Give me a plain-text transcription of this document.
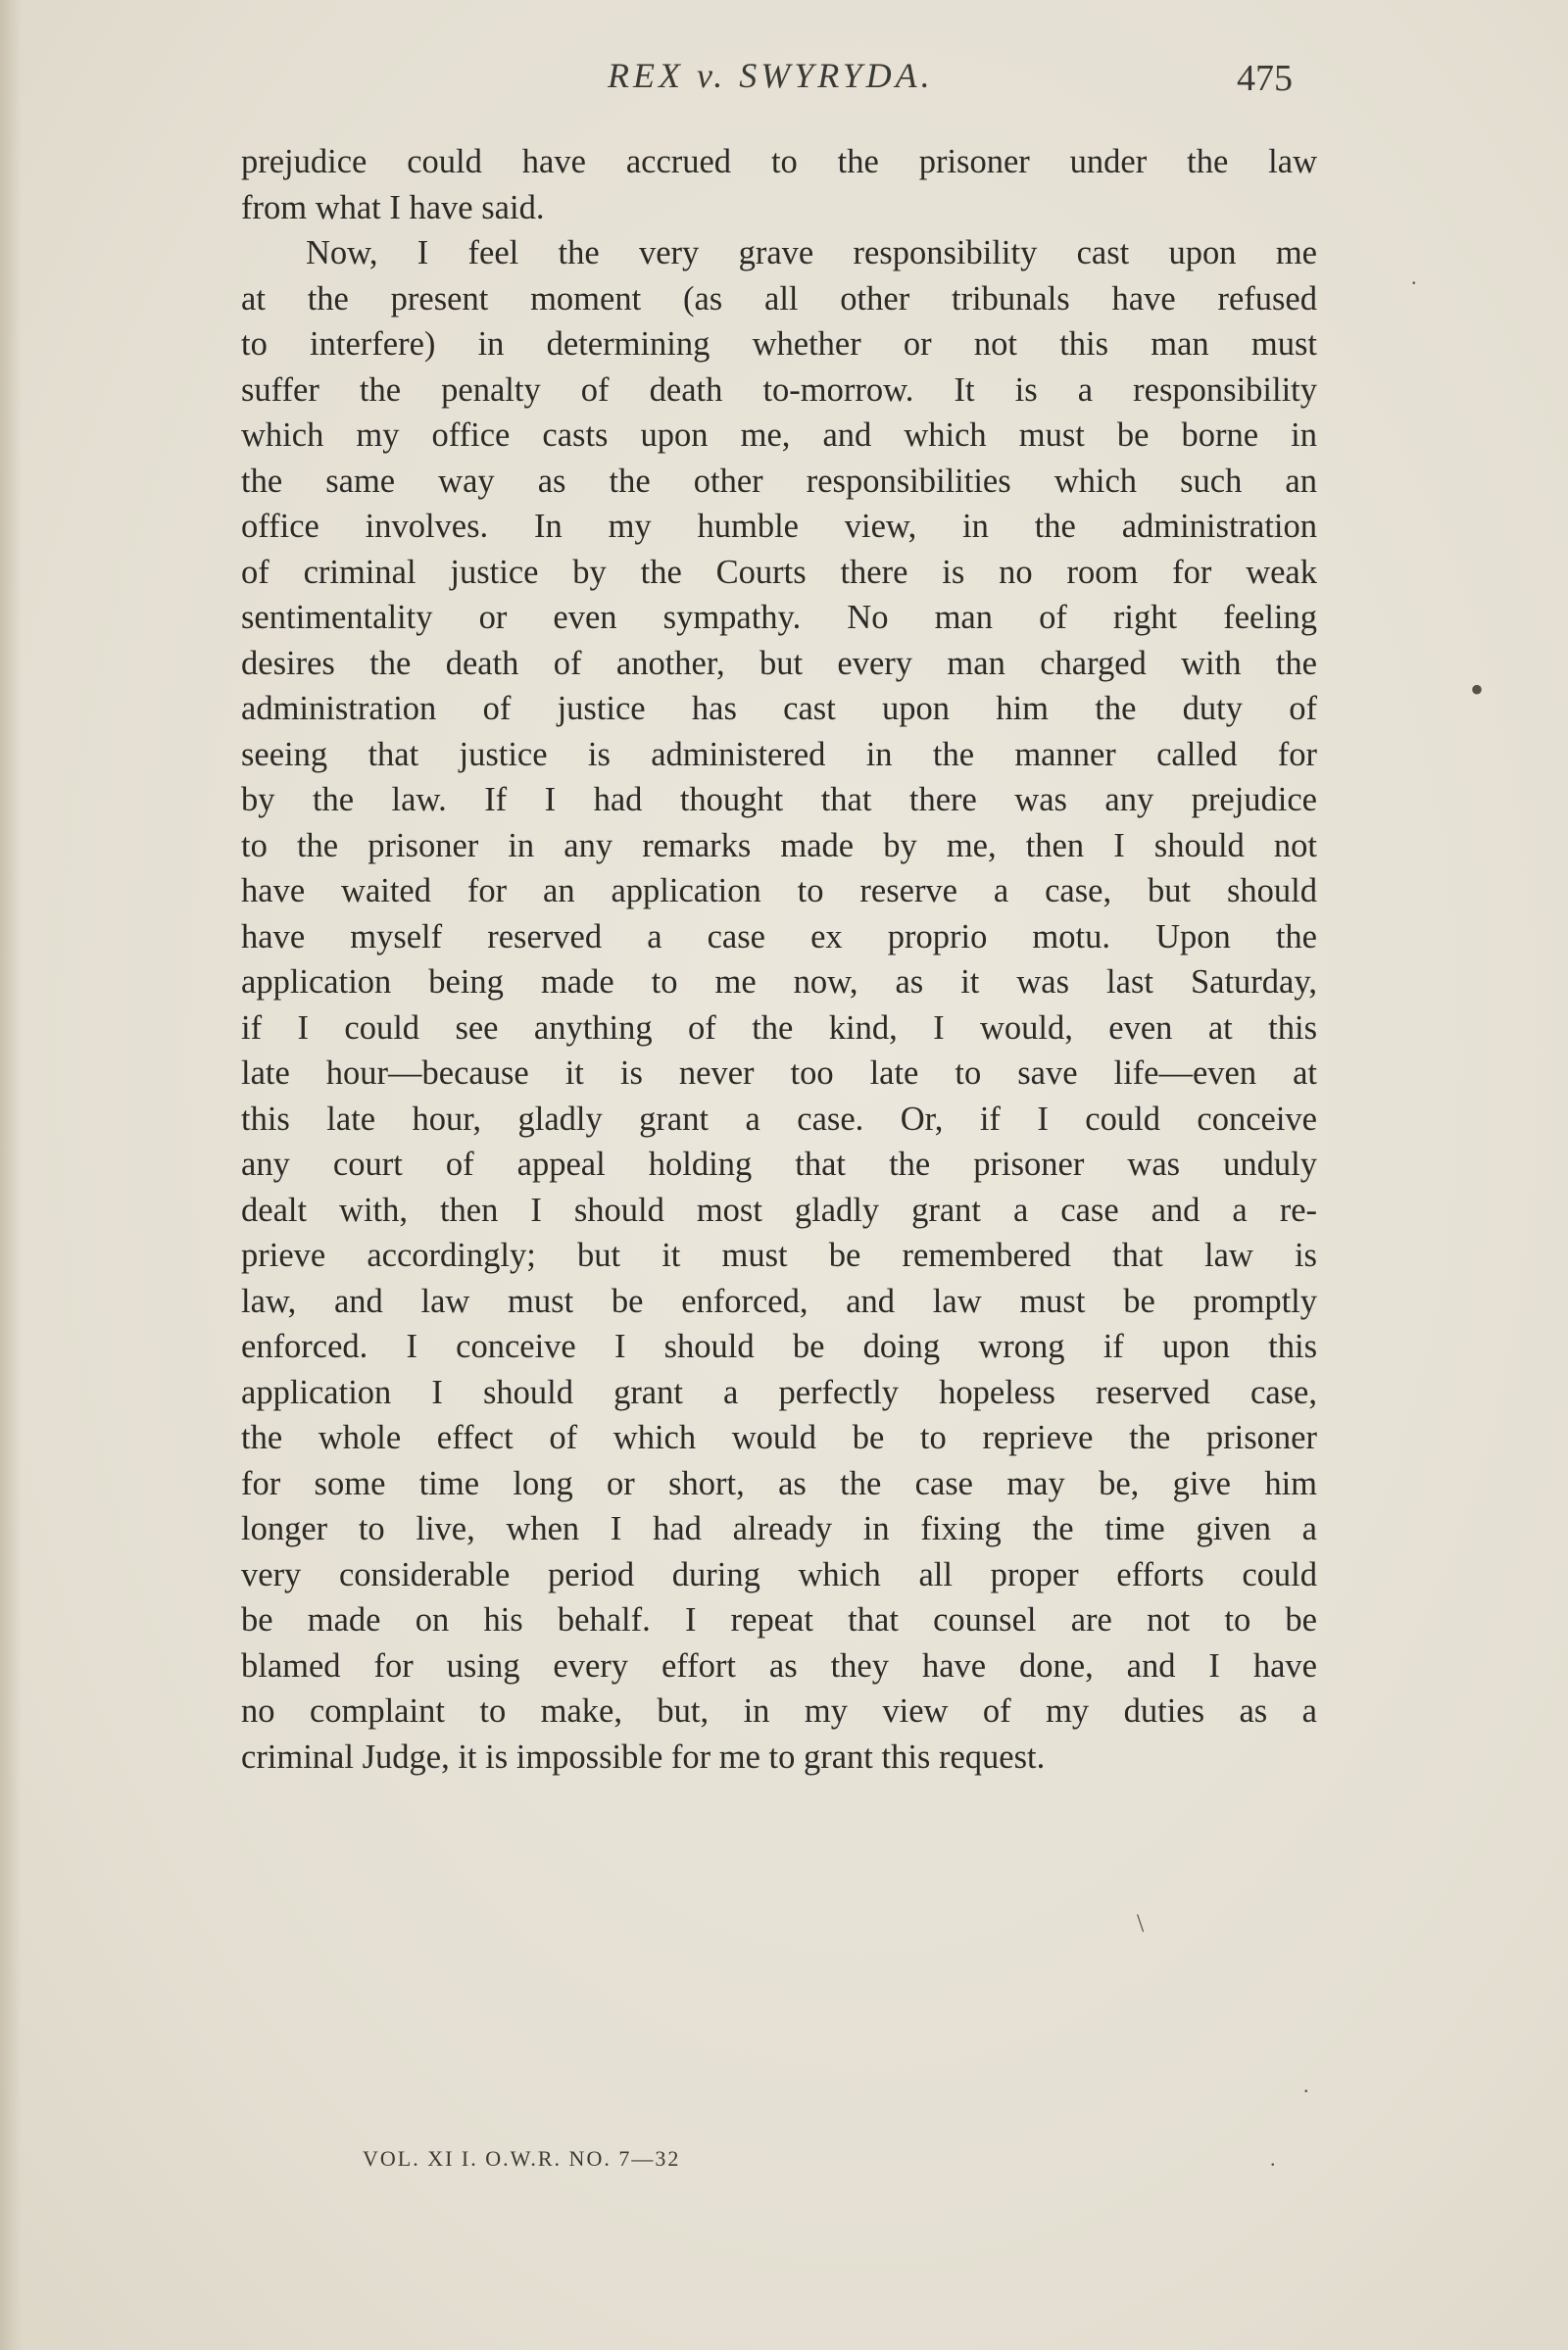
REX v. SWYRYDA.	475
prejudice could have accrued to the prisoner under the law
from what I have said.
Now, I feel the very grave responsibility cast upon me
at the present moment (as all other tribunals have refused
to interfere) in determining whether or not this man must
suffer the penalty of death to-morrow. It is a responsibility
which my office casts upon me, and which must be borne in
the same way as the other responsibilities which such an
office involves. In my humble view, in the administration
of criminal justice by the Courts there is no room for weak
sentimentality or even sympathy. No man of right feeling
desires the death of another, but every man charged with the
administration of justice has cast upon him the duty of
seeing that justice is administered in the manner called for
by the law. If I had thought that there was any prejudice
to the prisoner in any remarks made by me, then I should not
have waited for an application to reserve a case, but should
have myself reserved a case ex proprio motu. Upon the
application being made to me now, as it was last Saturday,
if I could see anything of the kind, I would, even at this
late hour—because it is never too late to save life—even at
this late hour, gladly grant a case. Or, if I could conceive
any court of appeal holding that the prisoner was unduly
dealt with, then I should most gladly grant a case and a re-
prieve accordingly; but it must be remembered that law is
law, and law must be enforced, and law must be promptly
enforced. I conceive I should be doing wrong if upon this
application I should grant a perfectly hopeless reserved case,
the whole effect of which would be to reprieve the prisoner
for some time long or short, as the case may be, give him
longer to live, when I had already in fixing the time given a
very considerable period during which all proper efforts could
be made on his behalf. I repeat that counsel are not to be
blamed for using every effort as they have done, and I have
no complaint to make, but, in my view of my duties as a
criminal Judge, it is impossible for me to grant this request.
VOL. XI I. O.W.R. NO. 7—32
.
•
\
.
.
